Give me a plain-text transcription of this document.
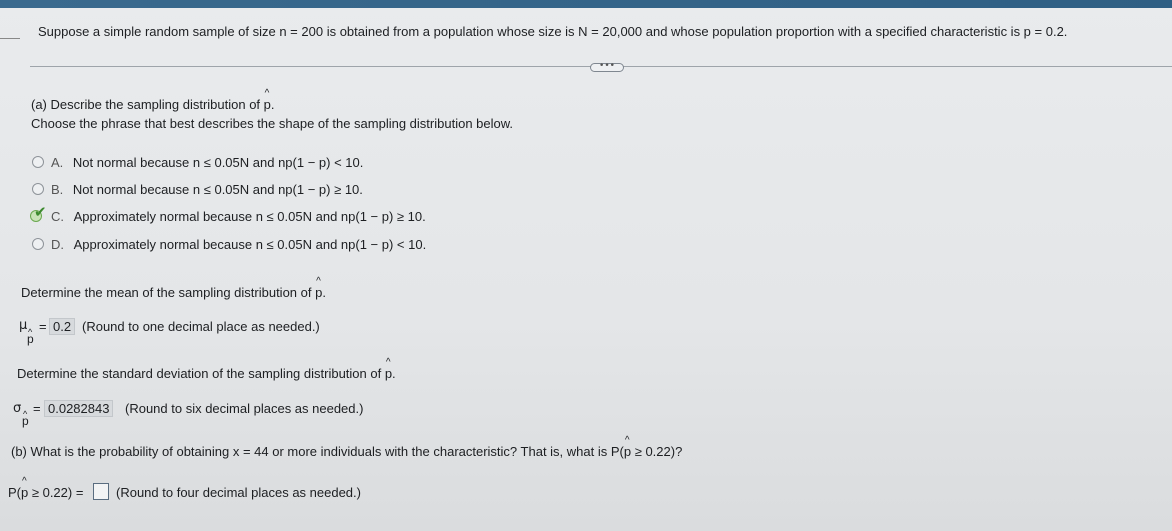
Suppose a simple random sample of size n = 200 is obtained from a population whose size is N = 20,000 and whose population proportion with a specified characteristic is p = 0.2.
•••
(a) Describe the sampling distribution of ^ p.
Choose the phrase that best describes the shape of the sampling distribution below.
A. Not normal because n ≤ 0.05N and np(1 − p) < 10.
B. Not normal because n ≤ 0.05N and np(1 − p) ≥ 10.
✔ C. Approximately normal because n ≤ 0.05N and np(1 − p) ≥ 10.
D. Approximately normal because n ≤ 0.05N and np(1 − p) < 10.
Determine the mean of the sampling distribution of ^ p.
μ
^ p
= 0.2 (Round to one decimal place as needed.)
Determine the standard deviation of the sampling distribution of ^ p.
σ
^ p
= 0.0282843	(Round to six decimal places as needed.)
(b) What is the probability of obtaining x = 44 or more individuals with the characteristic? That is, what is P(^ p ≥ 0.22)?
P(^ p ≥ 0.22) =	(Round to four decimal places as needed.)
